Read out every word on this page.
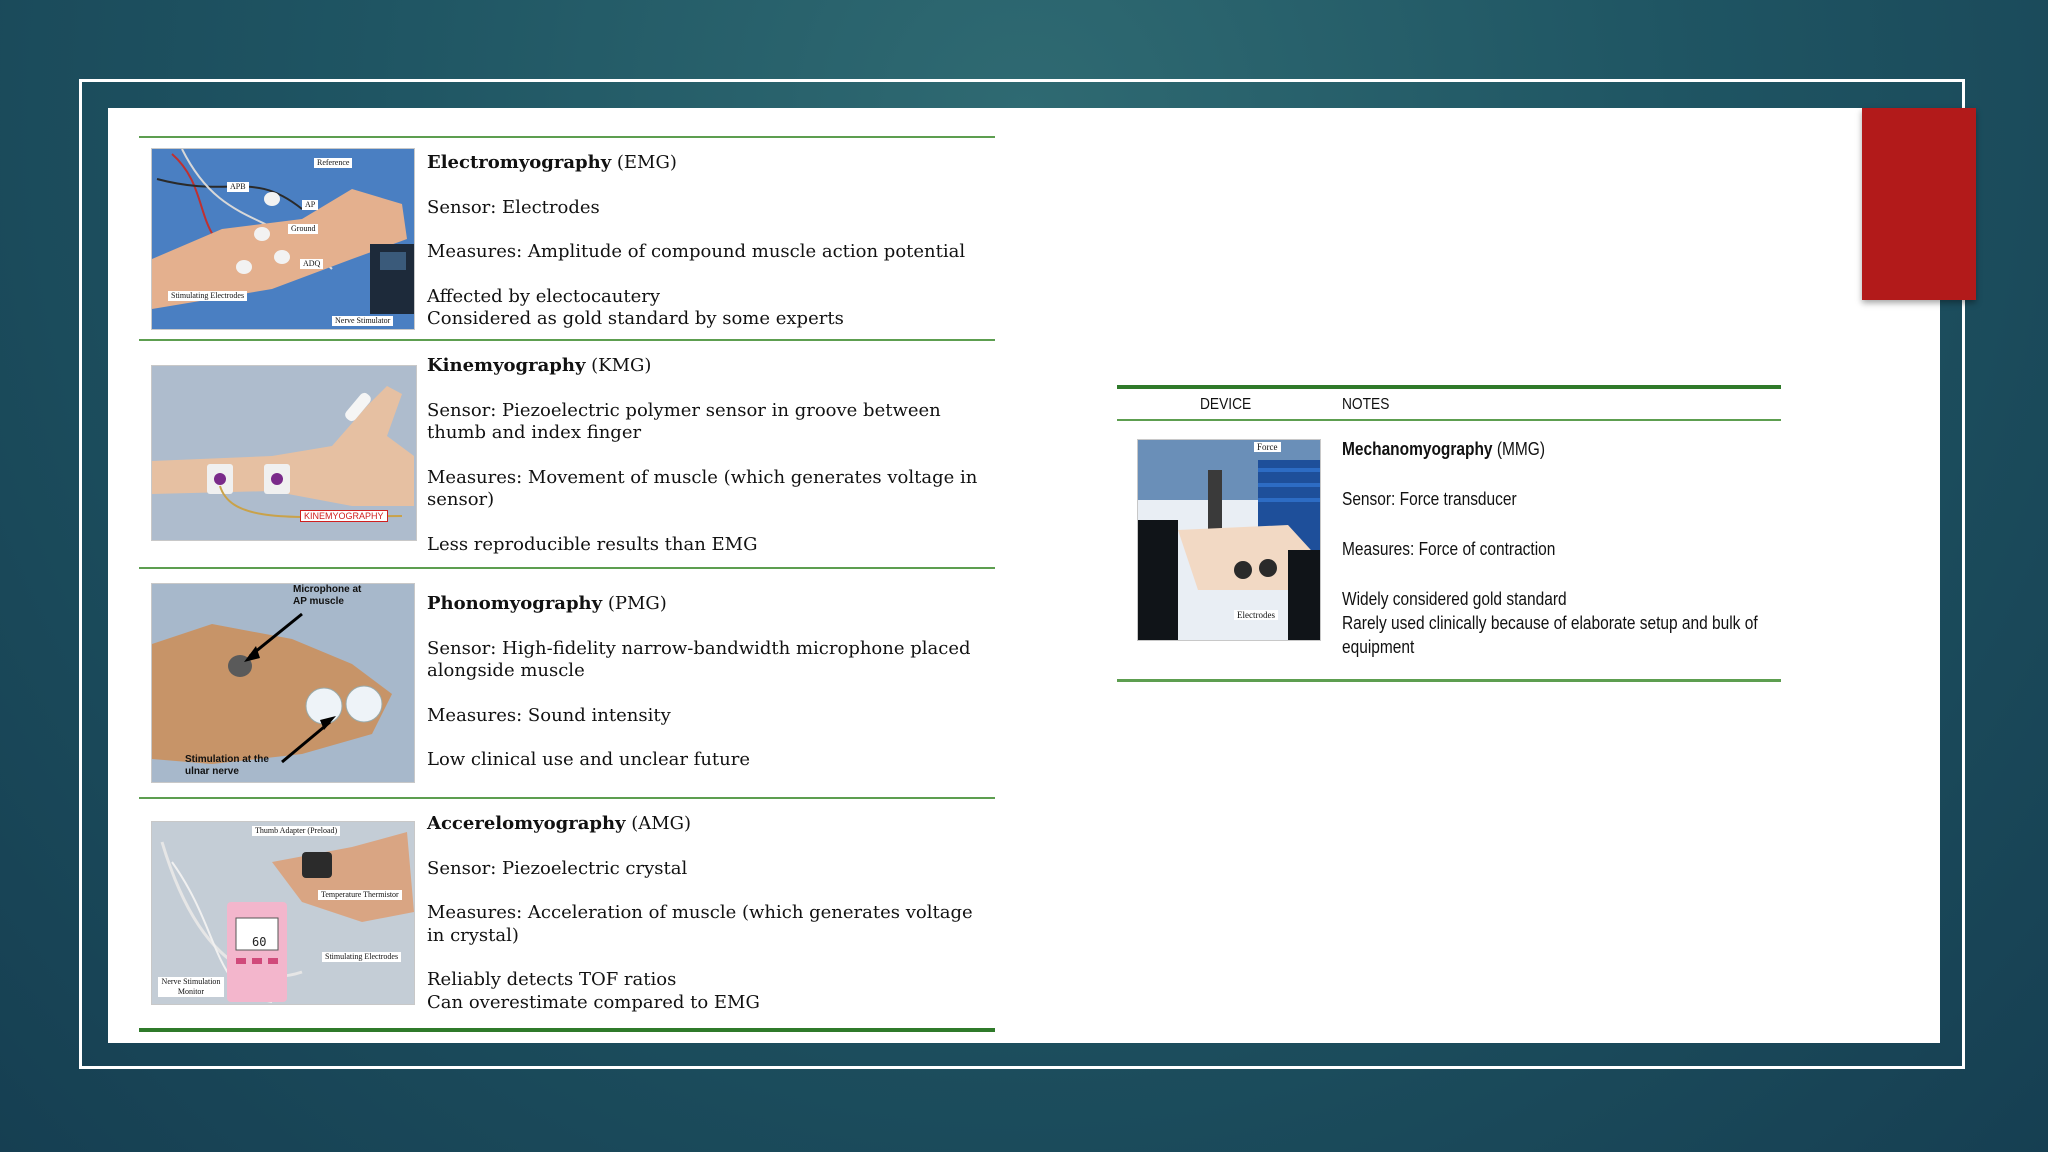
Reference
APB
AP
Ground
ADQ
Stimulating Electrodes
Nerve Stimulator

Electromyography (EMG)

Sensor: Electrodes

Measures: Amplitude of compound muscle action potential

Affected by electocautery

Considered as gold standard by some experts

KINEMYOGRAPHY

Kinemyography (KMG)

Sensor: Piezoelectric polymer sensor in groove between thumb and index finger

Measures: Movement of muscle (which generates voltage in sensor)

Less reproducible results than EMG

Microphone at AP muscle
Stimulation at the ulnar nerve

Phonomyography (PMG)

Sensor: High-fidelity narrow-bandwidth microphone placed alongside muscle

Measures: Sound intensity

Low clinical use and unclear future

60
Thumb Adapter (Preload)
Temperature Thermistor
Stimulating Electrodes
Nerve Stimulation Monitor

Accerelomyography (AMG)

Sensor: Piezoelectric crystal

Measures: Acceleration of muscle (which generates voltage in crystal)

Reliably detects TOF ratios

Can overestimate compared to EMG

DEVICE	NOTES
Force
Electrodes
Mechanomyography (MMG)
Sensor: Force transducer
Measures: Force of contraction
Widely considered gold standard
Rarely used clinically because of elaborate setup and bulk of equipment
